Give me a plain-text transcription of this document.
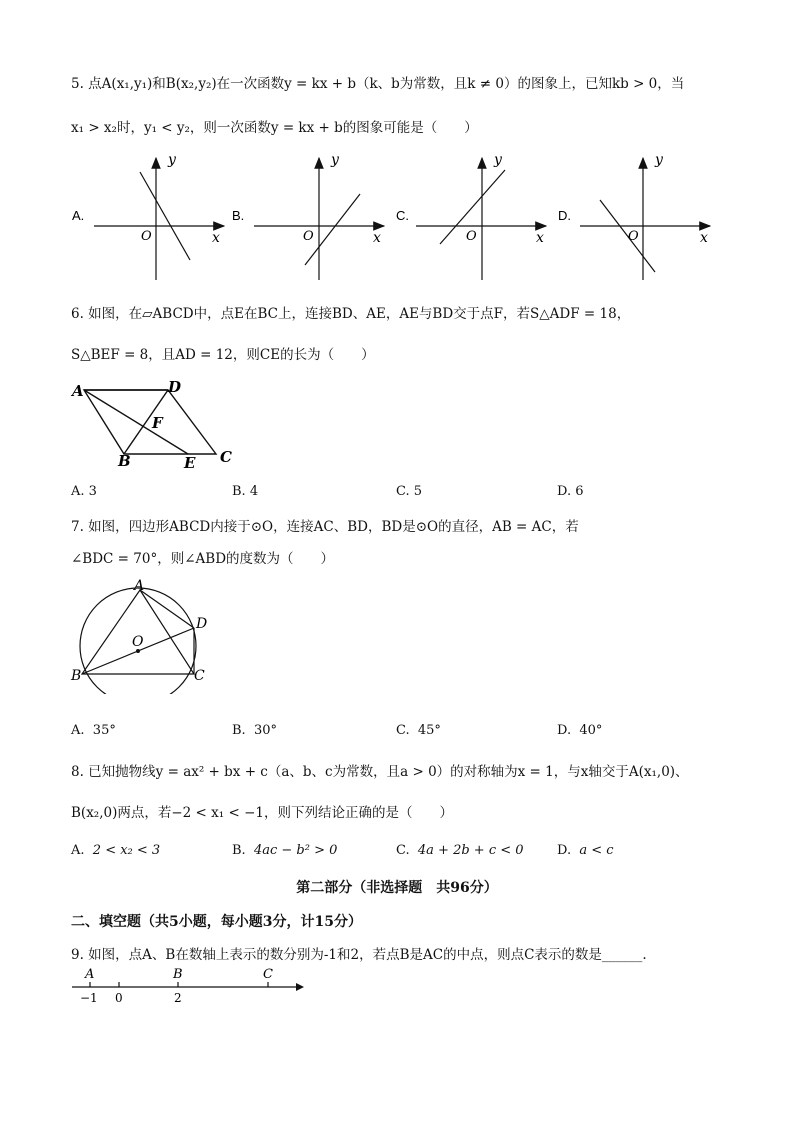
5. 点A(x₁,y₁)和B(x₂,y₂)在一次函数y = kx + b（k、b为常数，且k ≠ 0）的图象上，已知kb > 0，当
x₁ > x₂时，y₁ < y₂，则一次函数y = kx + b的图象可能是（　　）
A.
y
x
O
B.
y
x
O
C.
y
x
O
D.
y
x
O
6. 如图，在▱ABCD中，点E在BC上，连接BD、AE，AE与BD交于点F，若S△ADF = 18，
S△BEF = 8，且AD = 12，则CE的长为（　　）
A	D
F
B	E C
A. 3	B. 4	C. 5	D. 6
7. 如图，四边形ABCD内接于⊙O，连接AC、BD，BD是⊙O的直径，AB = AC，若
∠BDC = 70°，则∠ABD的度数为（　　）
A
D
O
B	C
A. 35°	B. 30°	C. 45°	D. 40°
8. 已知抛物线y = ax² + bx + c（a、b、c为常数，且a > 0）的对称轴为x = 1，与x轴交于A(x₁,0)、
B(x₂,0)两点，若−2 < x₁ < −1，则下列结论正确的是（　　）
A. 2 < x₂ < 3	B. 4ac − b² > 0	C. 4a + 2b + c < 0	D. a < c
第二部分（非选择题　共96分）
二、填空题（共5小题，每小题3分，计15分）
9. 如图，点A、B在数轴上表示的数分别为-1和2，若点B是AC的中点，则点C表示的数是______.
A	B	C
−1 0	2
